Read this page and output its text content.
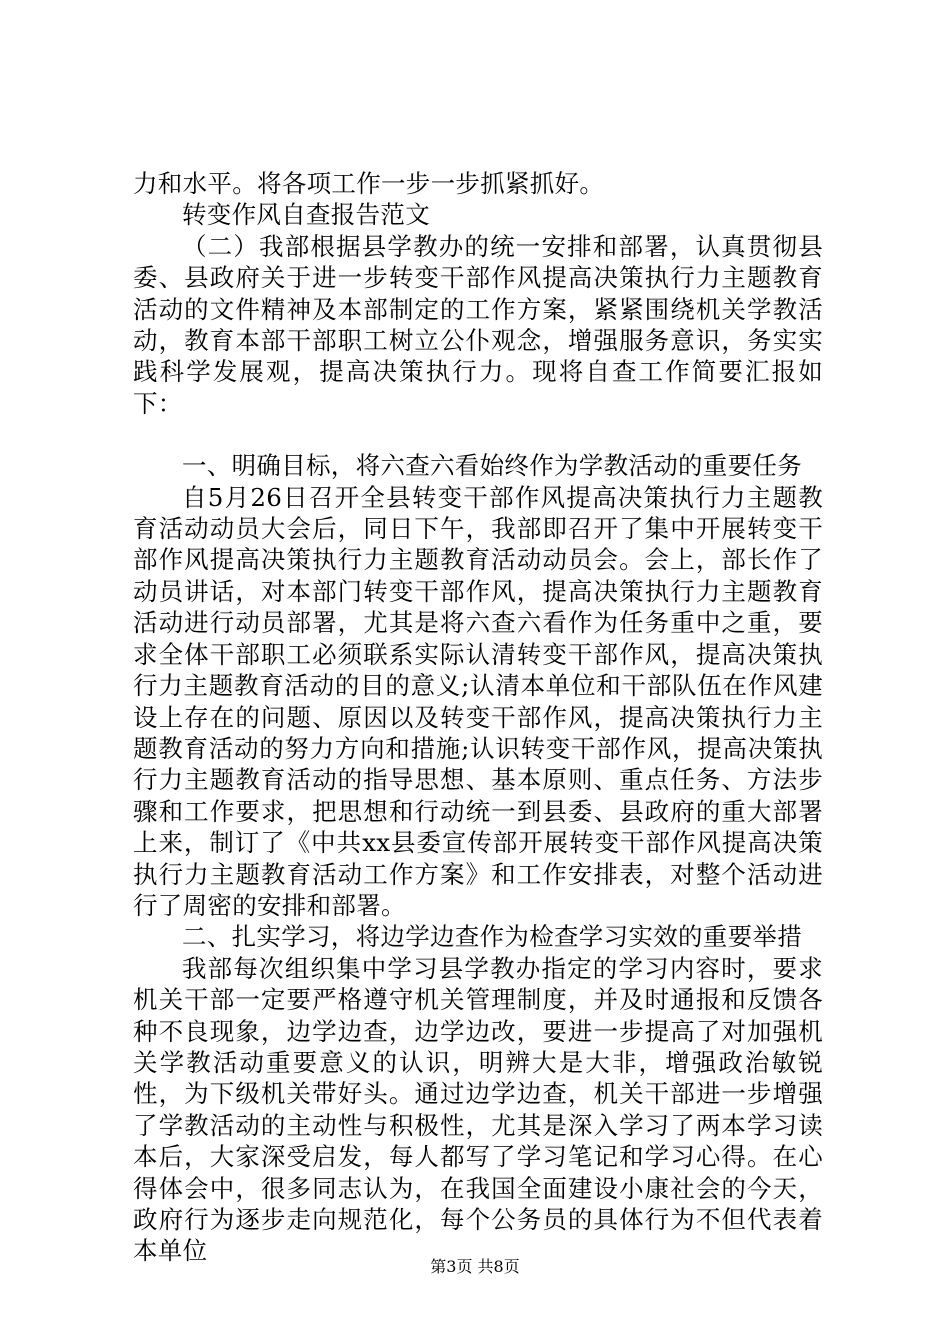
力和水平。将各项工作一步一步抓紧抓好。

转变作风自查报告范文

（二）我部根据县学教办的统一安排和部署，认真贯彻县委、县政府关于进一步转变干部作风提高决策执行力主题教育活动的文件精神及本部制定的工作方案，紧紧围绕机关学教活动，教育本部干部职工树立公仆观念，增强服务意识，务实实践科学发展观，提高决策执行力。现将自查工作简要汇报如下：

一、明确目标，将六查六看始终作为学教活动的重要任务

自5月26日召开全县转变干部作风提高决策执行力主题教育活动动员大会后，同日下午，我部即召开了集中开展转变干部作风提高决策执行力主题教育活动动员会。会上，部长作了动员讲话，对本部门转变干部作风，提高决策执行力主题教育活动进行动员部署，尤其是将六查六看作为任务重中之重，要求全体干部职工必须联系实际认清转变干部作风，提高决策执行力主题教育活动的目的意义;认清本单位和干部队伍在作风建设上存在的问题、原因以及转变干部作风，提高决策执行力主题教育活动的努力方向和措施;认识转变干部作风，提高决策执行力主题教育活动的指导思想、基本原则、重点任务、方法步骤和工作要求，把思想和行动统一到县委、县政府的重大部署上来，制订了《中共xx县委宣传部开展转变干部作风提高决策执行力主题教育活动工作方案》和工作安排表，对整个活动进行了周密的安排和部署。

二、扎实学习，将边学边查作为检查学习实效的重要举措

我部每次组织集中学习县学教办指定的学习内容时，要求机关干部一定要严格遵守机关管理制度，并及时通报和反馈各种不良现象，边学边查，边学边改，要进一步提高了对加强机关学教活动重要意义的认识，明辨大是大非，增强政治敏锐性，为下级机关带好头。通过边学边查，机关干部进一步增强了学教活动的主动性与积极性，尤其是深入学习了两本学习读本后，大家深受启发，每人都写了学习笔记和学习心得。在心得体会中，很多同志认为，在我国全面建设小康社会的今天，政府行为逐步走向规范化，每个公务员的具体行为不但代表着本单位

第3页 共8页
